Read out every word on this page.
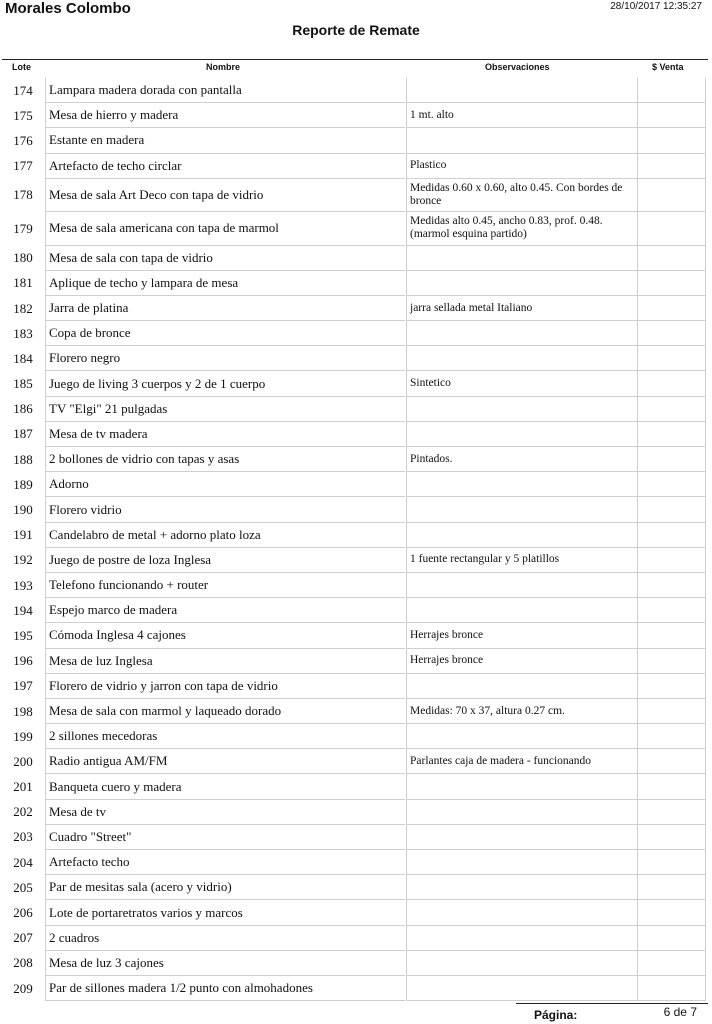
Morales Colombo	28/10/2017 12:35:27
Reporte de Remate
Lote	Nombre	Observaciones	$ Venta
174	Lampara madera dorada con pantalla
175	Mesa de hierro y madera	1 mt. alto
176	Estante en madera
177	Artefacto de techo circlar	Plastico
178	Mesa de sala Art Deco con tapa de vidrio	Medidas 0.60 x 0.60, alto 0.45. Con bordes de bronce
179	Mesa de sala americana con tapa de marmol	Medidas alto 0.45, ancho 0.83, prof. 0.48. (marmol esquina partido)
180	Mesa de sala con tapa de vidrio
181	Aplique de techo y lampara de mesa
182	Jarra de platina	jarra sellada metal Italiano
183	Copa de bronce
184	Florero negro
185	Juego de living 3 cuerpos y 2 de 1 cuerpo	Sintetico
186	TV "Elgi" 21 pulgadas
187	Mesa de tv madera
188	2 bollones de vidrio con tapas y asas	Pintados.
189	Adorno
190	Florero vidrio
191	Candelabro de metal + adorno plato loza
192	Juego de postre de loza Inglesa	1 fuente rectangular y 5 platillos
193	Telefono funcionando + router
194	Espejo marco de madera
195	Cómoda Inglesa 4 cajones	Herrajes bronce
196	Mesa de luz Inglesa	Herrajes bronce
197	Florero de vidrio y jarron con tapa de vidrio
198	Mesa de sala con marmol y laqueado dorado	Medidas: 70 x 37, altura 0.27 cm.
199	2 sillones mecedoras
200	Radio antigua AM/FM	Parlantes caja de madera - funcionando
201	Banqueta cuero y madera
202	Mesa de tv
203	Cuadro "Street"
204	Artefacto techo
205	Par de mesitas sala (acero y vidrio)
206	Lote de portaretratos varios y marcos
207	2 cuadros
208	Mesa de luz 3 cajones
209	Par de sillones madera 1/2 punto con almohadones
Página:	6 de 7
